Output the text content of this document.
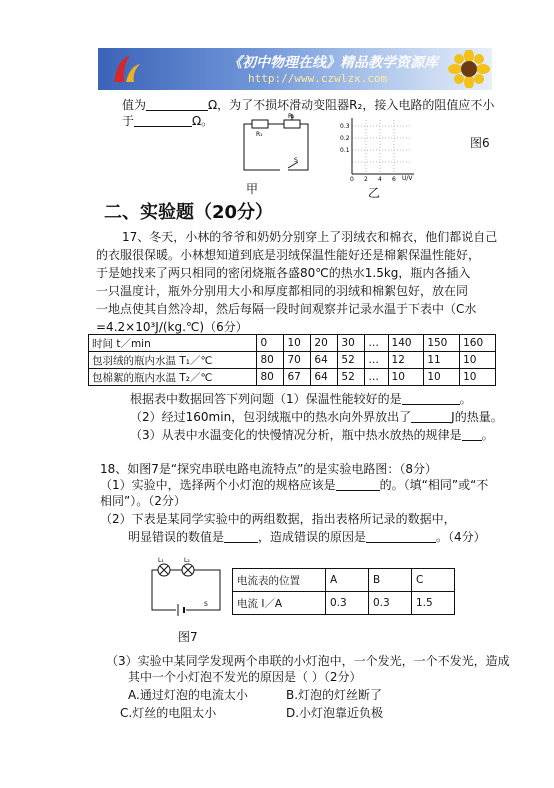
《初中物理在线》精品教学资源库
http://www.czwlzx.com
值为	Ω，为了不损坏滑动变阻器R₂，接入电路的阻值应不小
于	Ω。
R₁
R₂
S
甲
0.3
0.2
0.1
0 2 4 6 U/V
乙
图6
二、实验题（20分）
17、冬天，小林的爷爷和奶奶分别穿上了羽绒衣和棉衣，他们都说自己
的衣服很保暖。小林想知道到底是羽绒保温性能好还是棉絮保温性能好，
于是她找来了两只相同的密闭烧瓶各盛80℃的热水1.5kg，瓶内各插入
一只温度计，瓶外分别用大小和厚度都相同的羽绒和棉絮包好，放在同
一地点使其自然冷却，然后每隔一段时间观察并记录水温于下表中（C水
=4.2×10³J/(kg.℃)（6分）
时间 t／min	0	10	20	30	…	140	150	160
包羽绒的瓶内水温 T₁／℃	80	70	64	52	…	12	11	10
包棉絮的瓶内水温 T₂／℃	80	67	64	52	…	10	10	10
根据表中数据回答下列问题（1）保温性能较好的是	。
（2）经过160min，包羽绒瓶中的热水向外界放出了	J的热量。
（3）从表中水温变化的快慢情况分析，瓶中热水放热的规律是 。
18、如图7是“探究串联电路电流特点”的是实验电路图：（8分）
（1）实验中，选择两个小灯泡的规格应该是	的。（填“相同”或“不
相同”）。（2分）
（2）下表是某同学实验中的两组数据，指出表格所记录的数据中，
明显错误的数值是	，造成错误的原因是	。（4分）
L₁	L₂
S
图7
电流表的位置	A	B	C
电流 I／A	0.3	0.3	1.5
（3）实验中某同学发现两个串联的小灯泡中，一个发光，一个不发光，造成
其中一个小灯泡不发光的原因是（ ）（2分）
A.通过灯泡的电流太小	B.灯泡的灯丝断了
C.灯丝的电阻太小	D.小灯泡靠近负极
